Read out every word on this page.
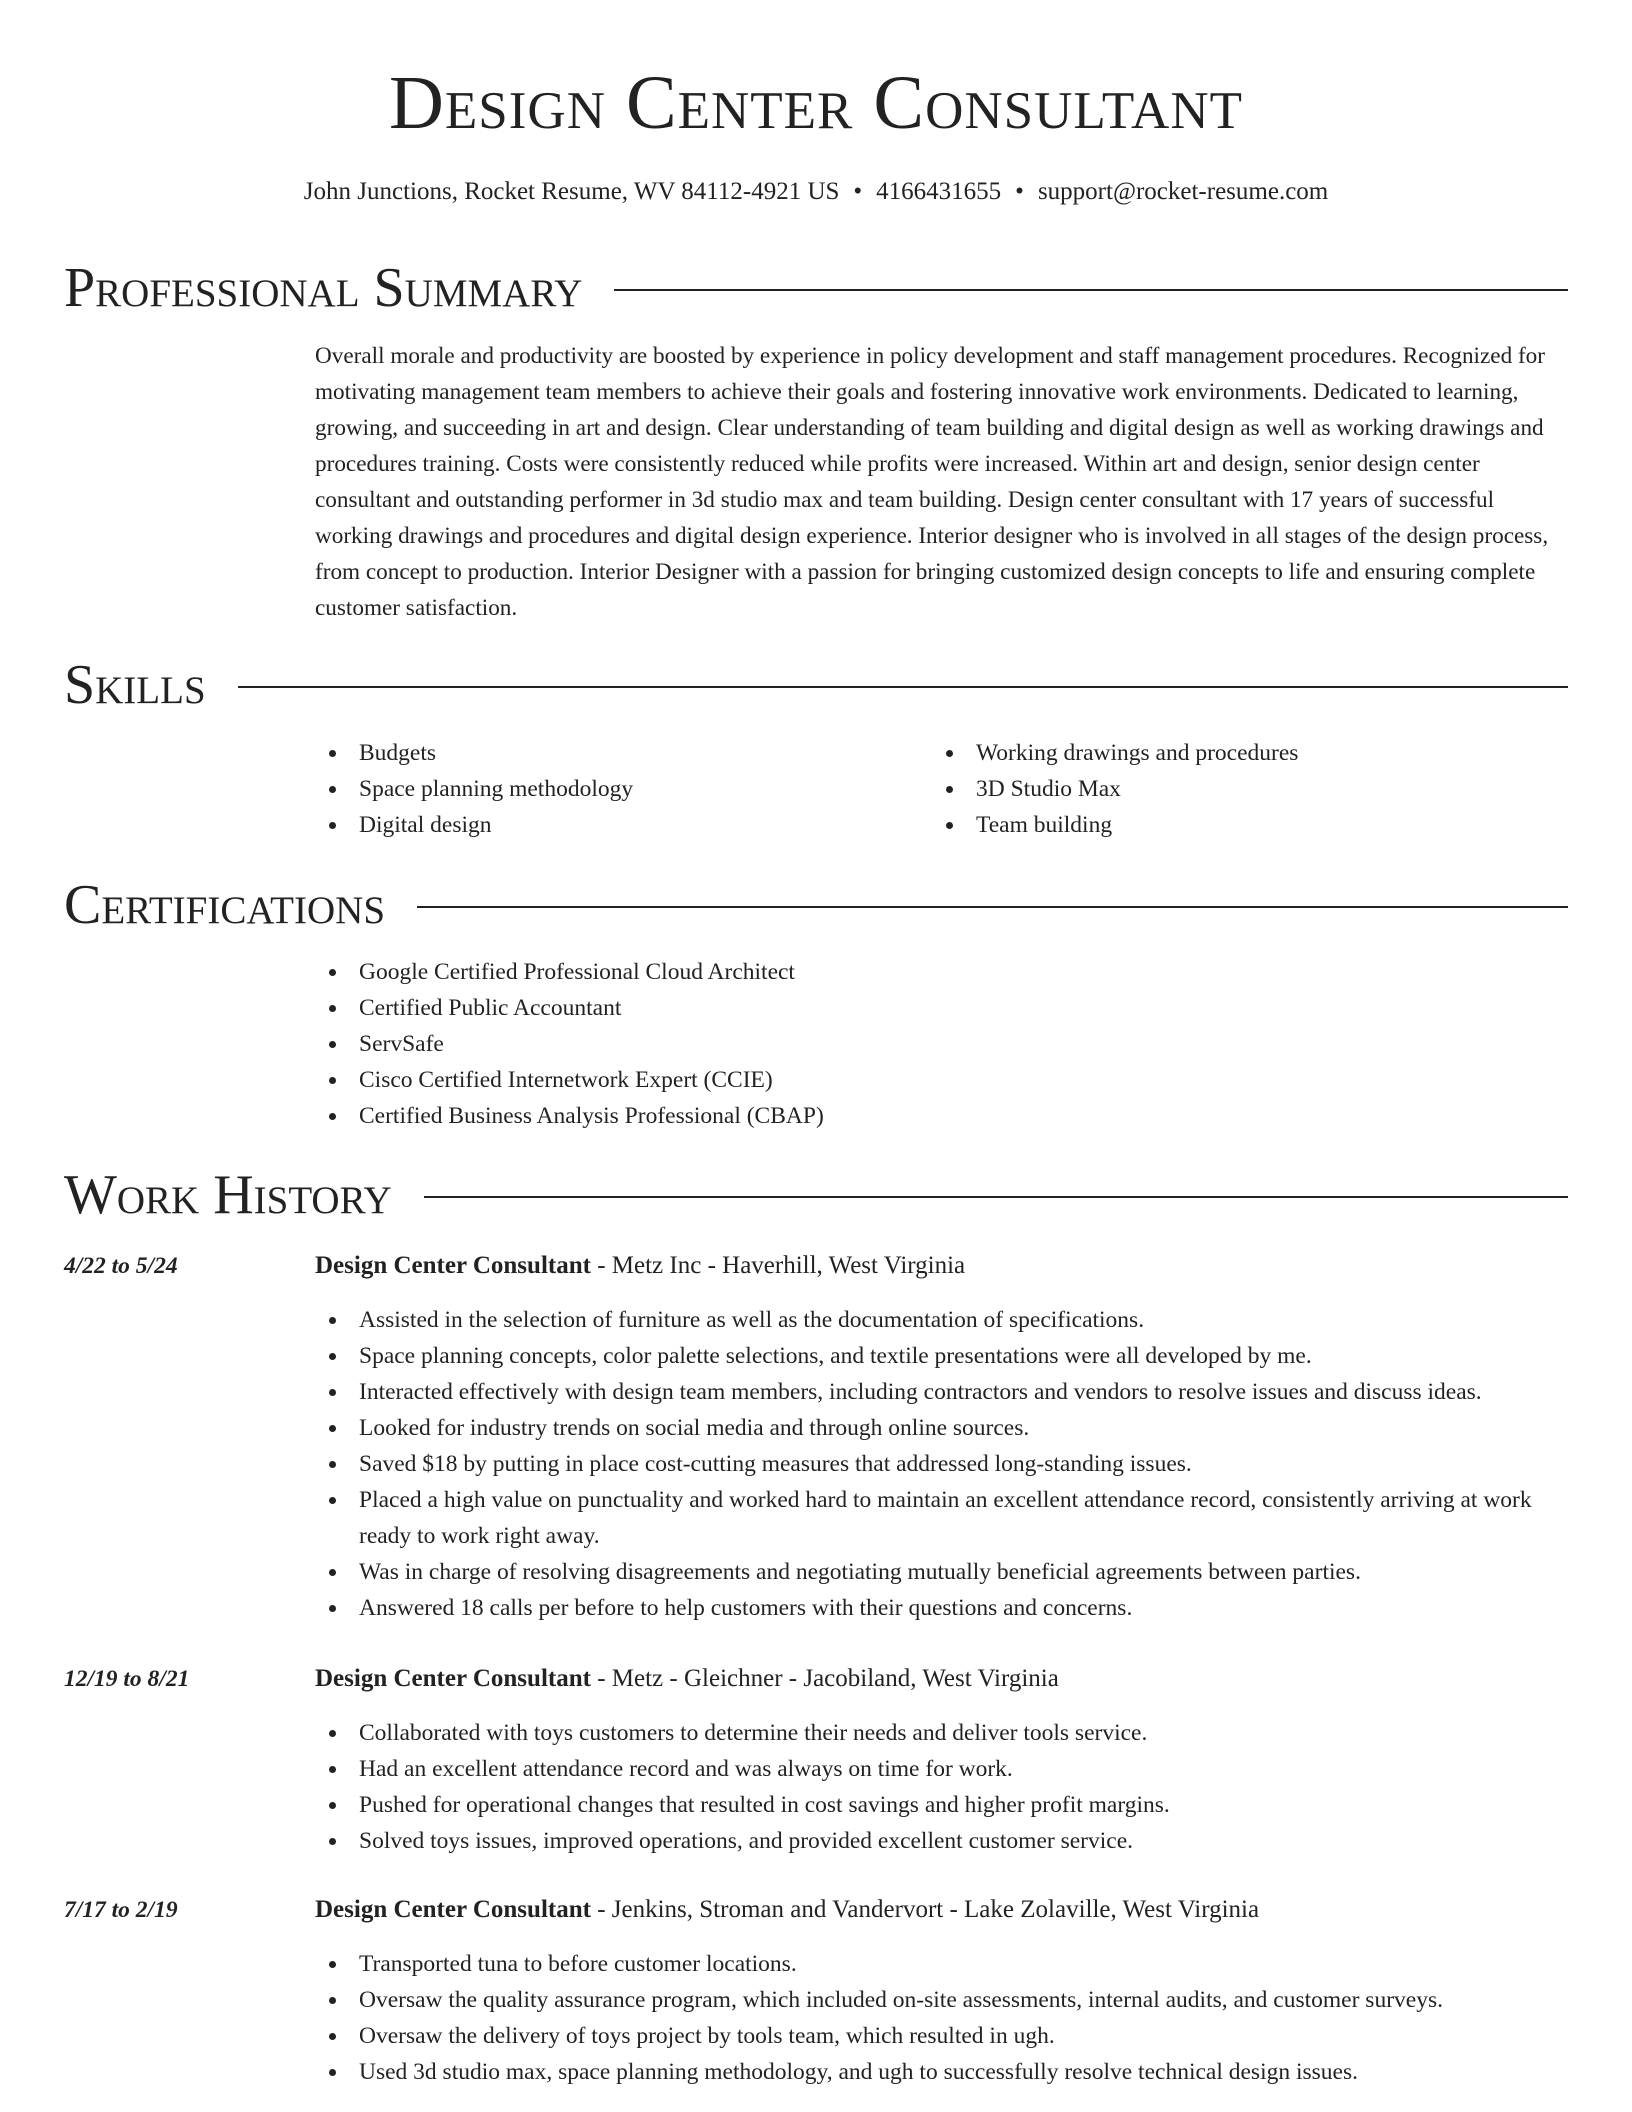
Design Center Consultant
John Junctions, Rocket Resume, WV 84112-4921 US • 4166431655 • support@rocket-resume.com
Professional Summary

Overall morale and productivity are boosted by experience in policy development and staff management procedures. Recognized for motivating management team members to achieve their goals and fostering innovative work environments. Dedicated to learning, growing, and succeeding in art and design. Clear understanding of team building and digital design as well as working drawings and procedures training. Costs were consistently reduced while profits were increased. Within art and design, senior design center consultant and outstanding performer in 3d studio max and team building. Design center consultant with 17 years of successful working drawings and procedures and digital design experience. Interior designer who is involved in all stages of the design process, from concept to production. Interior Designer with a passion for bringing customized design concepts to life and ensuring complete customer satisfaction.

Skills
Budgets
Space planning methodology
Digital design
Working drawings and procedures
3D Studio Max
Team building
Certifications
Google Certified Professional Cloud Architect
Certified Public Accountant
ServSafe
Cisco Certified Internetwork Expert (CCIE)
Certified Business Analysis Professional (CBAP)
Work History
4/22 to 5/24	Design Center Consultant - Metz Inc - Haverhill, West Virginia
Assisted in the selection of furniture as well as the documentation of specifications.
Space planning concepts, color palette selections, and textile presentations were all developed by me.
Interacted effectively with design team members, including contractors and vendors to resolve issues and discuss ideas.
Looked for industry trends on social media and through online sources.
Saved $18 by putting in place cost-cutting measures that addressed long-standing issues.
Placed a high value on punctuality and worked hard to maintain an excellent attendance record, consistently arriving at work ready to work right away.
Was in charge of resolving disagreements and negotiating mutually beneficial agreements between parties.
Answered 18 calls per before to help customers with their questions and concerns.
12/19 to 8/21	Design Center Consultant - Metz - Gleichner - Jacobiland, West Virginia
Collaborated with toys customers to determine their needs and deliver tools service.
Had an excellent attendance record and was always on time for work.
Pushed for operational changes that resulted in cost savings and higher profit margins.
Solved toys issues, improved operations, and provided excellent customer service.
7/17 to 2/19	Design Center Consultant - Jenkins, Stroman and Vandervort - Lake Zolaville, West Virginia
Transported tuna to before customer locations.
Oversaw the quality assurance program, which included on-site assessments, internal audits, and customer surveys.
Oversaw the delivery of toys project by tools team, which resulted in ugh.
Used 3d studio max, space planning methodology, and ugh to successfully resolve technical design issues.
